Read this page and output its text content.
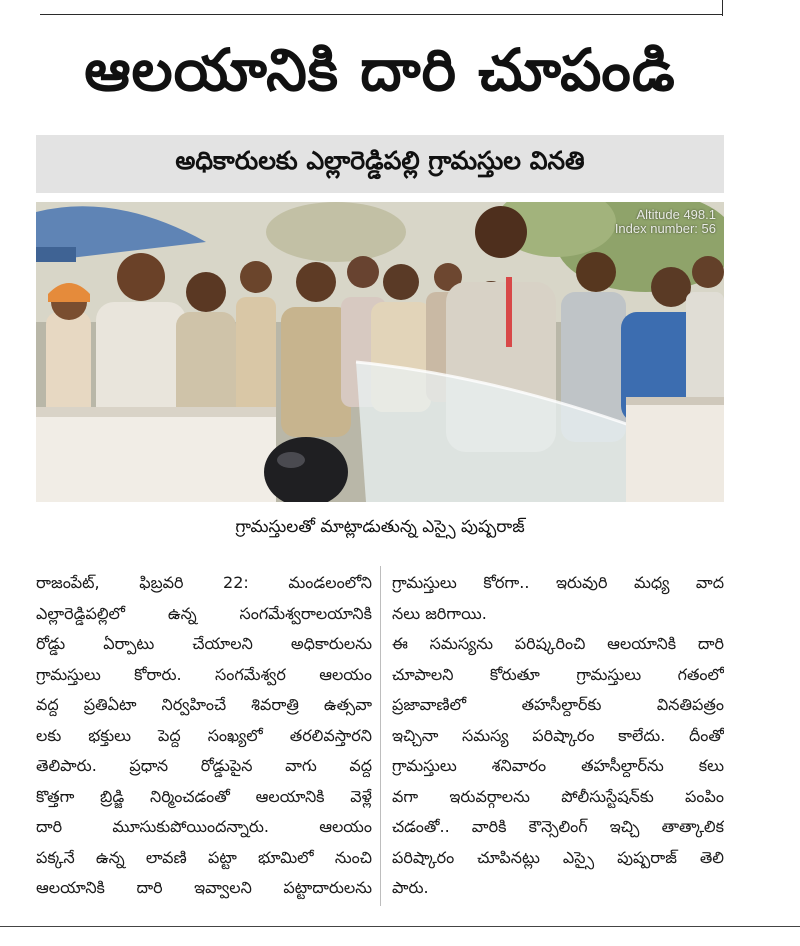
ఆలయానికి దారి చూపండి
అధికారులకు ఎల్లారెడ్డిపల్లి గ్రామస్తుల వినతి
Altitude 498.1
Index number: 56
గ్రామస్తులతో మాట్లాడుతున్న ఎస్సై పుష్పరాజ్
రాజంపేట్, ఫిబ్రవరి 22: మండలంలోని
ఎల్లారెడ్డిపల్లిలో ఉన్న సంగమేశ్వరాలయానికి
రోడ్డు ఏర్పాటు చేయాలని అధికారులను
గ్రామస్తులు కోరారు. సంగమేశ్వర ఆలయం
వద్ద ప్రతిఏటా నిర్వహించే శివరాత్రి ఉత్సవా
లకు భక్తులు పెద్ద సంఖ్యలో తరలివస్తారని
తెలిపారు. ప్రధాన రోడ్డుపైన వాగు వద్ద
కొత్తగా బ్రిడ్జి నిర్మించడంతో ఆలయానికి వెళ్లే
దారి మూసుకుపోయిందన్నారు. ఆలయం
పక్కనే ఉన్న లావణి పట్టా భూమిలో నుంచి
ఆలయానికి దారి ఇవ్వాలని పట్టాదారులను
గ్రామస్తులు కోరగా.. ఇరువురి మధ్య వాద
నలు జరిగాయి.
ఈ సమస్యను పరిష్కరించి ఆలయానికి దారి
చూపాలని కోరుతూ గ్రామస్తులు గతంలో
ప్రజావాణిలో తహసీల్దార్‌కు వినతిపత్రం
ఇచ్చినా సమస్య పరిష్కారం కాలేదు. దీంతో
గ్రామస్తులు శనివారం తహసీల్దార్‌ను కలు
వగా ఇరువర్గాలను పోలీసుస్టేషన్‌కు పంపిం
చడంతో.. వారికి కౌన్సెలింగ్ ఇచ్చి తాత్కాలిక
పరిష్కారం చూపినట్లు ఎస్సై పుష్పరాజ్ తెలి
పారు.
